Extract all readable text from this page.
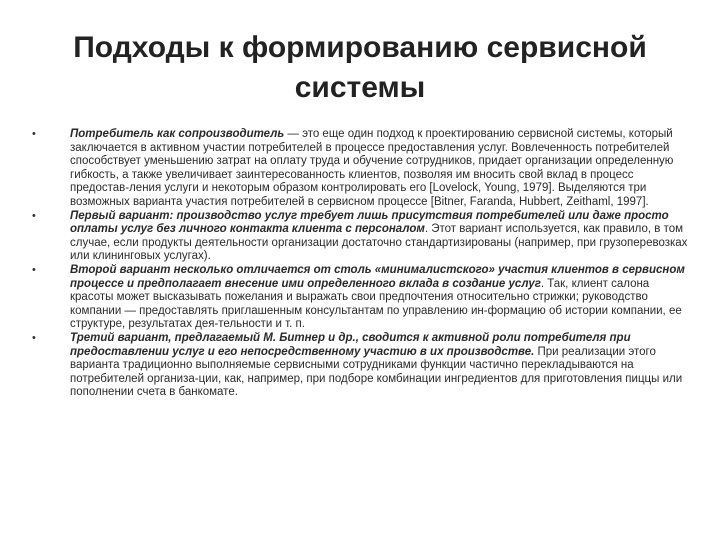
Подходы к формированию сервисной
системы
•	Потребитель как сопроизводитель — это еще один подход к проектированию сервисной системы, который заключается в активном участии потребителей в процессе предоставления услуг. Вовлеченность потребителей способствует уменьшению затрат на оплату труда и обучение сотрудников, придает организации определенную гибкость, а также увеличивает заинтересованность клиентов, позволяя им вносить свой вклад в процесс предостав-ления услуги и некоторым образом контролировать его [Lovelock, Young, 1979]. Выделяются три возможных варианта участия потребителей в сервисном процессе [Bitner, Faranda, Hubbert, Zeithaml, 1997].
•	Первый вариант: производство услуг требует лишь присутствия потребителей или даже просто оплаты услуг без личного контакта клиента с персоналом. Этот вариант используется, как правило, в том случае, если продукты деятельности организации достаточно стандартизированы (например, при грузоперевозках или клининговых услугах).
•	Второй вариант несколько отличается от столь «минималистского» участия клиентов в сервисном процессе и предполагает внесение ими определенного вклада в создание услуг. Так, клиент салона красоты может высказывать пожелания и выражать свои предпочтения относительно стрижки; руководство компании — предоставлять приглашенным консультантам по управлению ин-формацию об истории компании, ее структуре, результатах дея-тельности и т. п.
•	Третий вариант, предлагаемый М. Битнер и др., сводится к активной роли потребителя при предоставлении услуг и его непосредственному участию в их производстве. При реализации этого варианта традиционно выполняемые сервисными сотрудниками функции частично перекладываются на потребителей организа-ции, как, например, при подборе комбинации ингредиентов для приготовления пиццы или пополнении счета в банкомате.
